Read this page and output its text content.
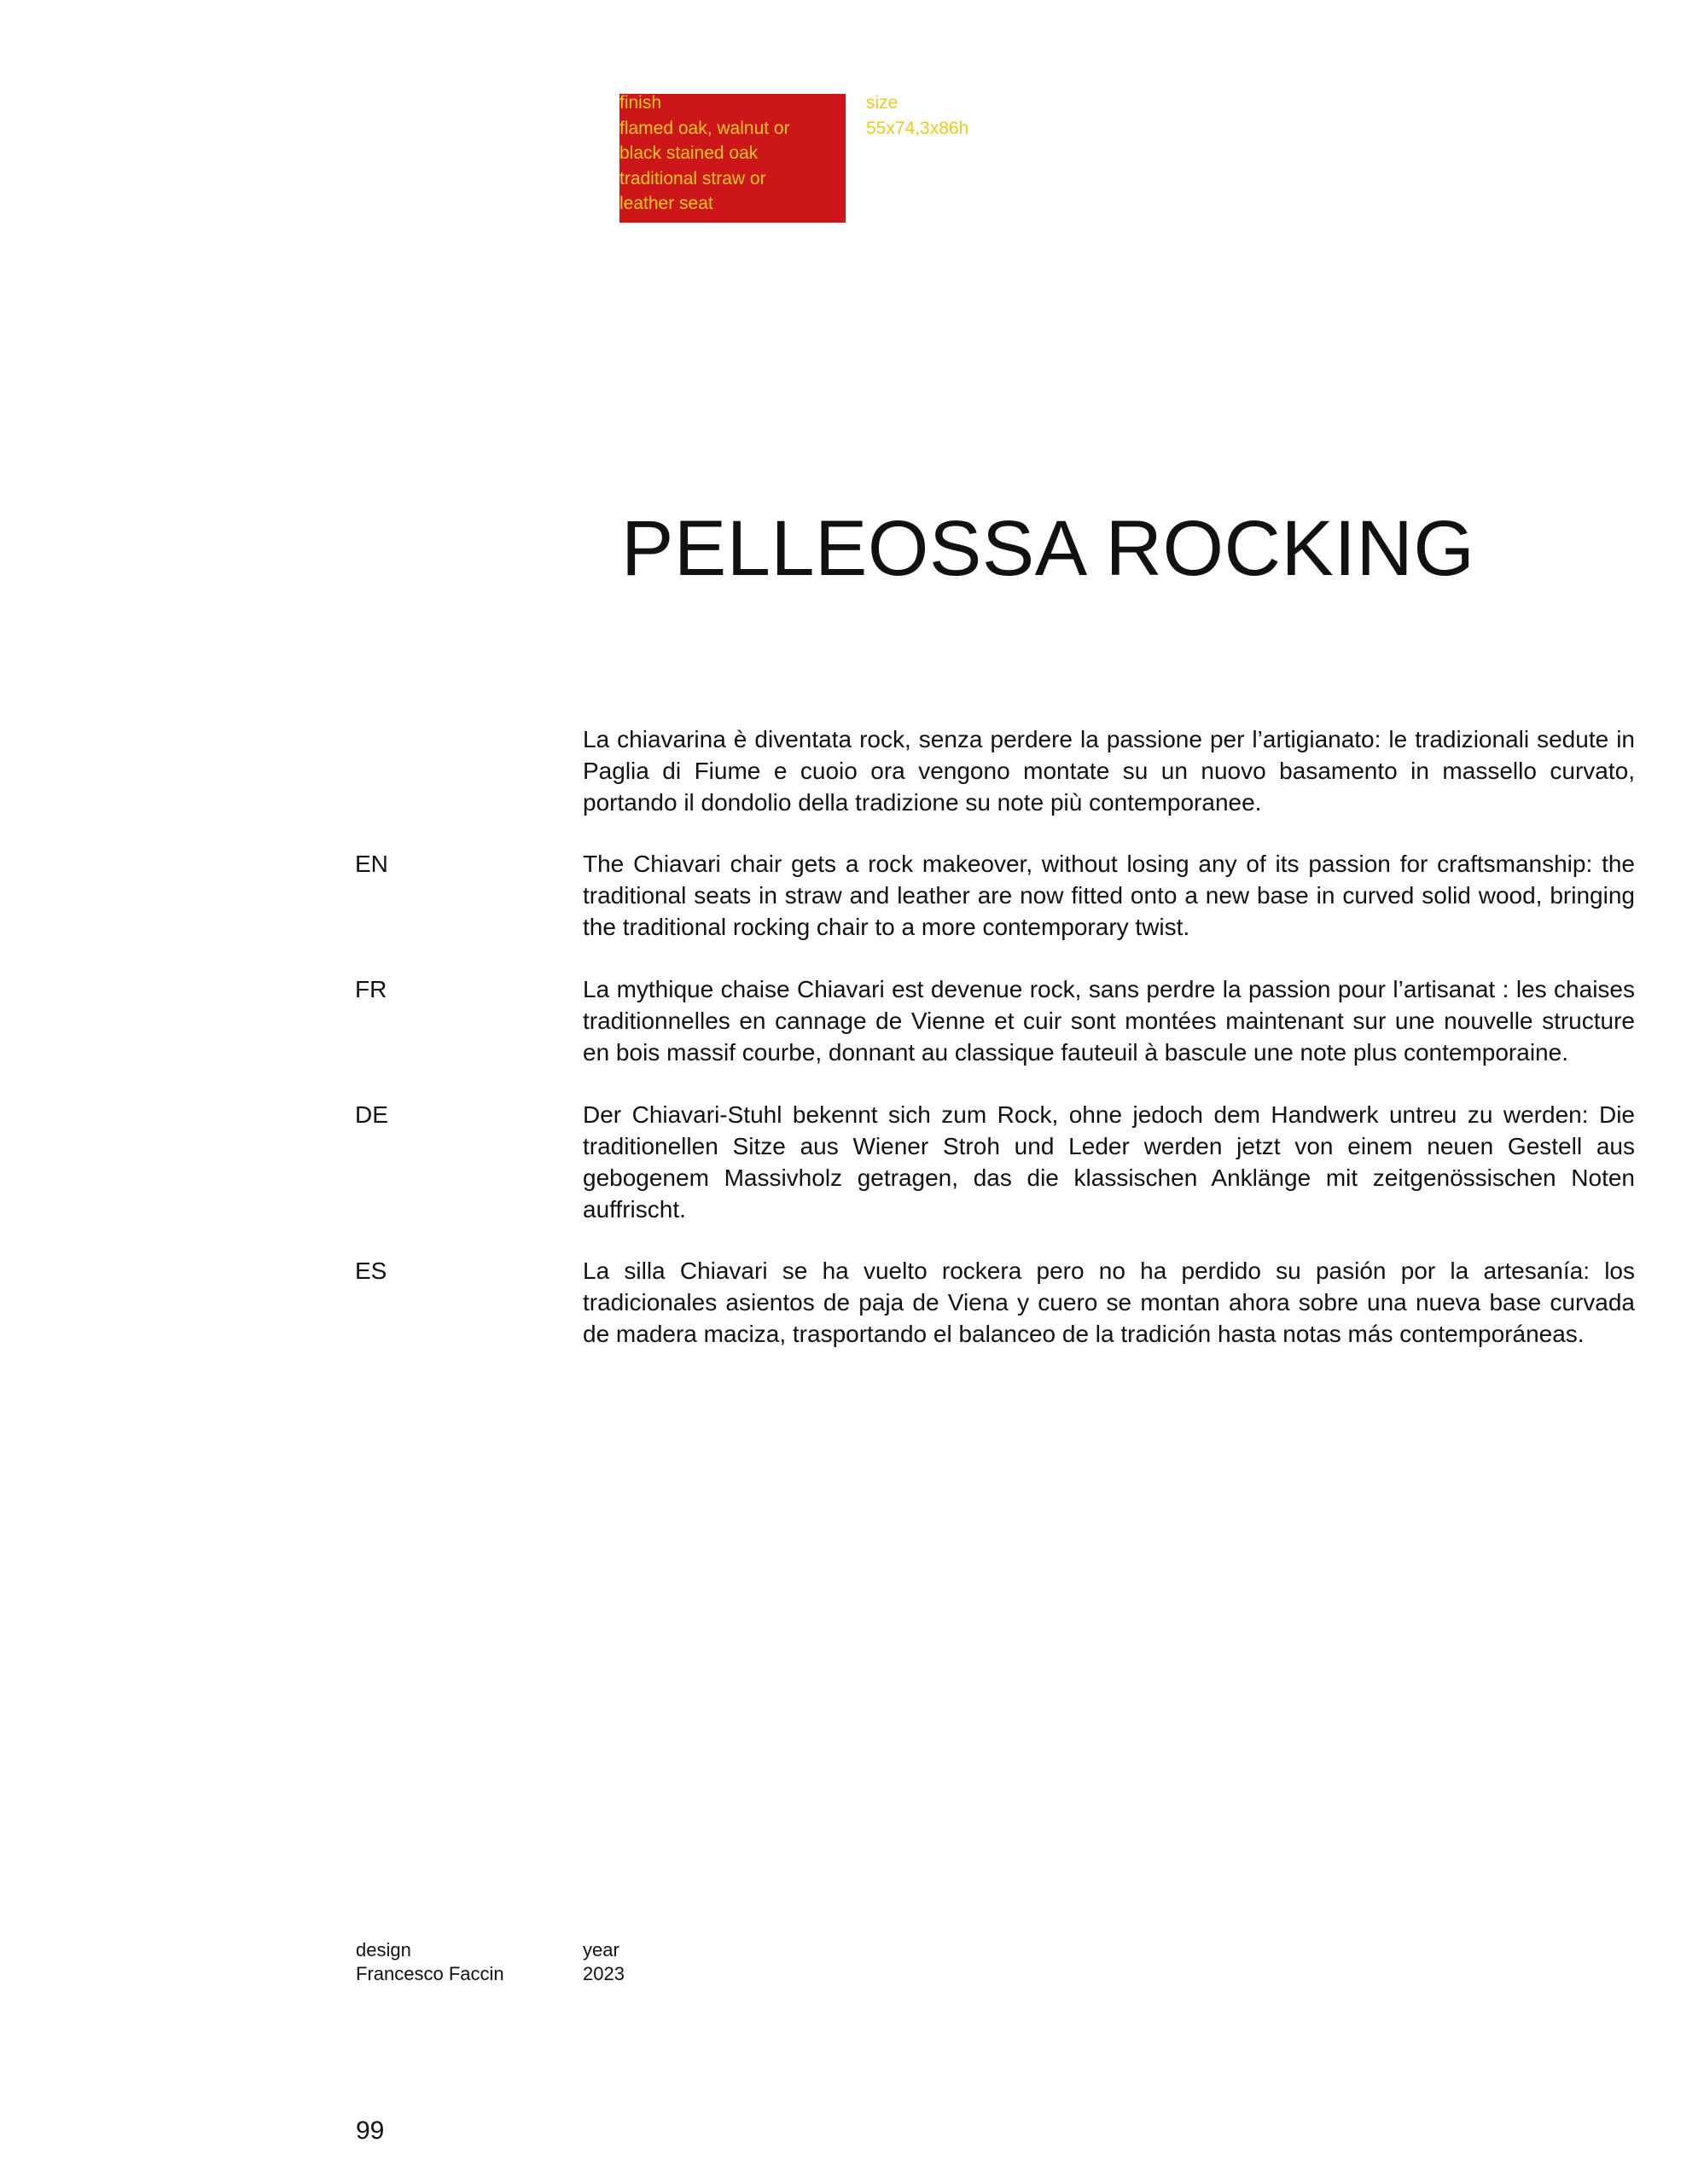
finish
flamed oak, walnut or
black stained oak
traditional straw or
leather seat
size
55x74,3x86h
PELLEOSSA ROCKING

La chiavarina è diventata rock, senza perdere la passione per l’artigianato: le tradizionali sedute in Paglia di Fiume e cuoio ora vengono montate su un nuovo basamento in massello curvato, portando il dondolio della tradizione su note più contemporanee.

EN	The Chiavari chair gets a rock makeover, without losing any of its passion for craftsmanship: the traditional seats in straw and leather are now fitted onto a new base in curved solid wood, bringing the traditional rocking chair to a more contemporary twist.

FR	La mythique chaise Chiavari est devenue rock, sans perdre la passion pour l’artisanat : les chaises traditionnelles en cannage de Vienne et cuir sont montées maintenant sur une nouvelle structure en bois massif courbe, donnant au classique fauteuil à bascule une note plus contemporaine.

DE	Der Chiavari-Stuhl bekennt sich zum Rock, ohne jedoch dem Handwerk untreu zu werden: Die traditionellen Sitze aus Wiener Stroh und Leder werden jetzt von einem neuen Gestell aus gebogenem Massivholz getragen, das die klassischen Anklänge mit zeitgenössischen Noten auffrischt.

ES	La silla Chiavari se ha vuelto rockera pero no ha perdido su pasión por la artesanía: los tradicionales asientos de paja de Viena y cuero se montan ahora sobre una nueva base curvada de madera maciza, trasportando el balanceo de la tradición hasta notas más contemporáneas.

design
Francesco Faccin
year
2023
99
